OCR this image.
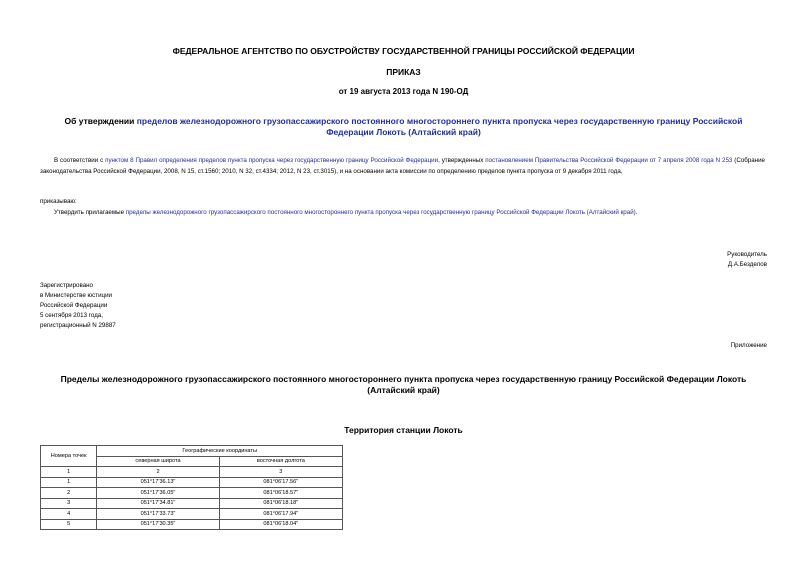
ФЕДЕРАЛЬНОЕ АГЕНТСТВО ПО ОБУСТРОЙСТВУ ГОСУДАРСТВЕННОЙ ГРАНИЦЫ РОССИЙСКОЙ ФЕДЕРАЦИИ
ПРИКАЗ
от 19 августа 2013 года N 190-ОД
Об утверждении пределов железнодорожного грузопассажирского постоянного многостороннего пункта пропуска через государственную границу Российской Федерации Локоть (Алтайский край)
В соответствии с пунктом 8 Правил определения пределов пункта пропуска через государственную границу Российской Федерации, утвержденных постановлением Правительства Российской Федерации от 7 апреля 2008 года N 253 (Собрание законодательства Российской Федерации, 2008, N 15, ст.1560; 2010, N 32, ст.4334; 2012, N 23, ст.3015), и на основании акта комиссии по определению пределов пункта пропуска от 9 декабря 2011 года,
приказываю:
Утвердить прилагаемые пределы железнодорожного грузопассажирского постоянного многостороннего пункта пропуска через государственную границу Российской Федерации Локоть (Алтайский край).
Руководитель
Д.А.Безделов
Зарегистрировано
в Министерстве юстиции
Российской Федерации
5 сентября 2013 года,
регистрационный N 29887
Приложение
Пределы железнодорожного грузопассажирского постоянного многостороннего пункта пропуска через государственную границу Российской Федерации Локоть (Алтайский край)
Территория станции Локоть
Номера точек	Географические координаты	
	северная широта	восточная долгота
1	2	3
1	051°17'36.13"	081°06'17.56"
2	051°17'36.05"	081°06'18.57"
3	051°17'34.81"	081°06'18.18"
4	051°17'33.73"	081°06'17.94"
5	051°17'30.35"	081°06'18.04"
